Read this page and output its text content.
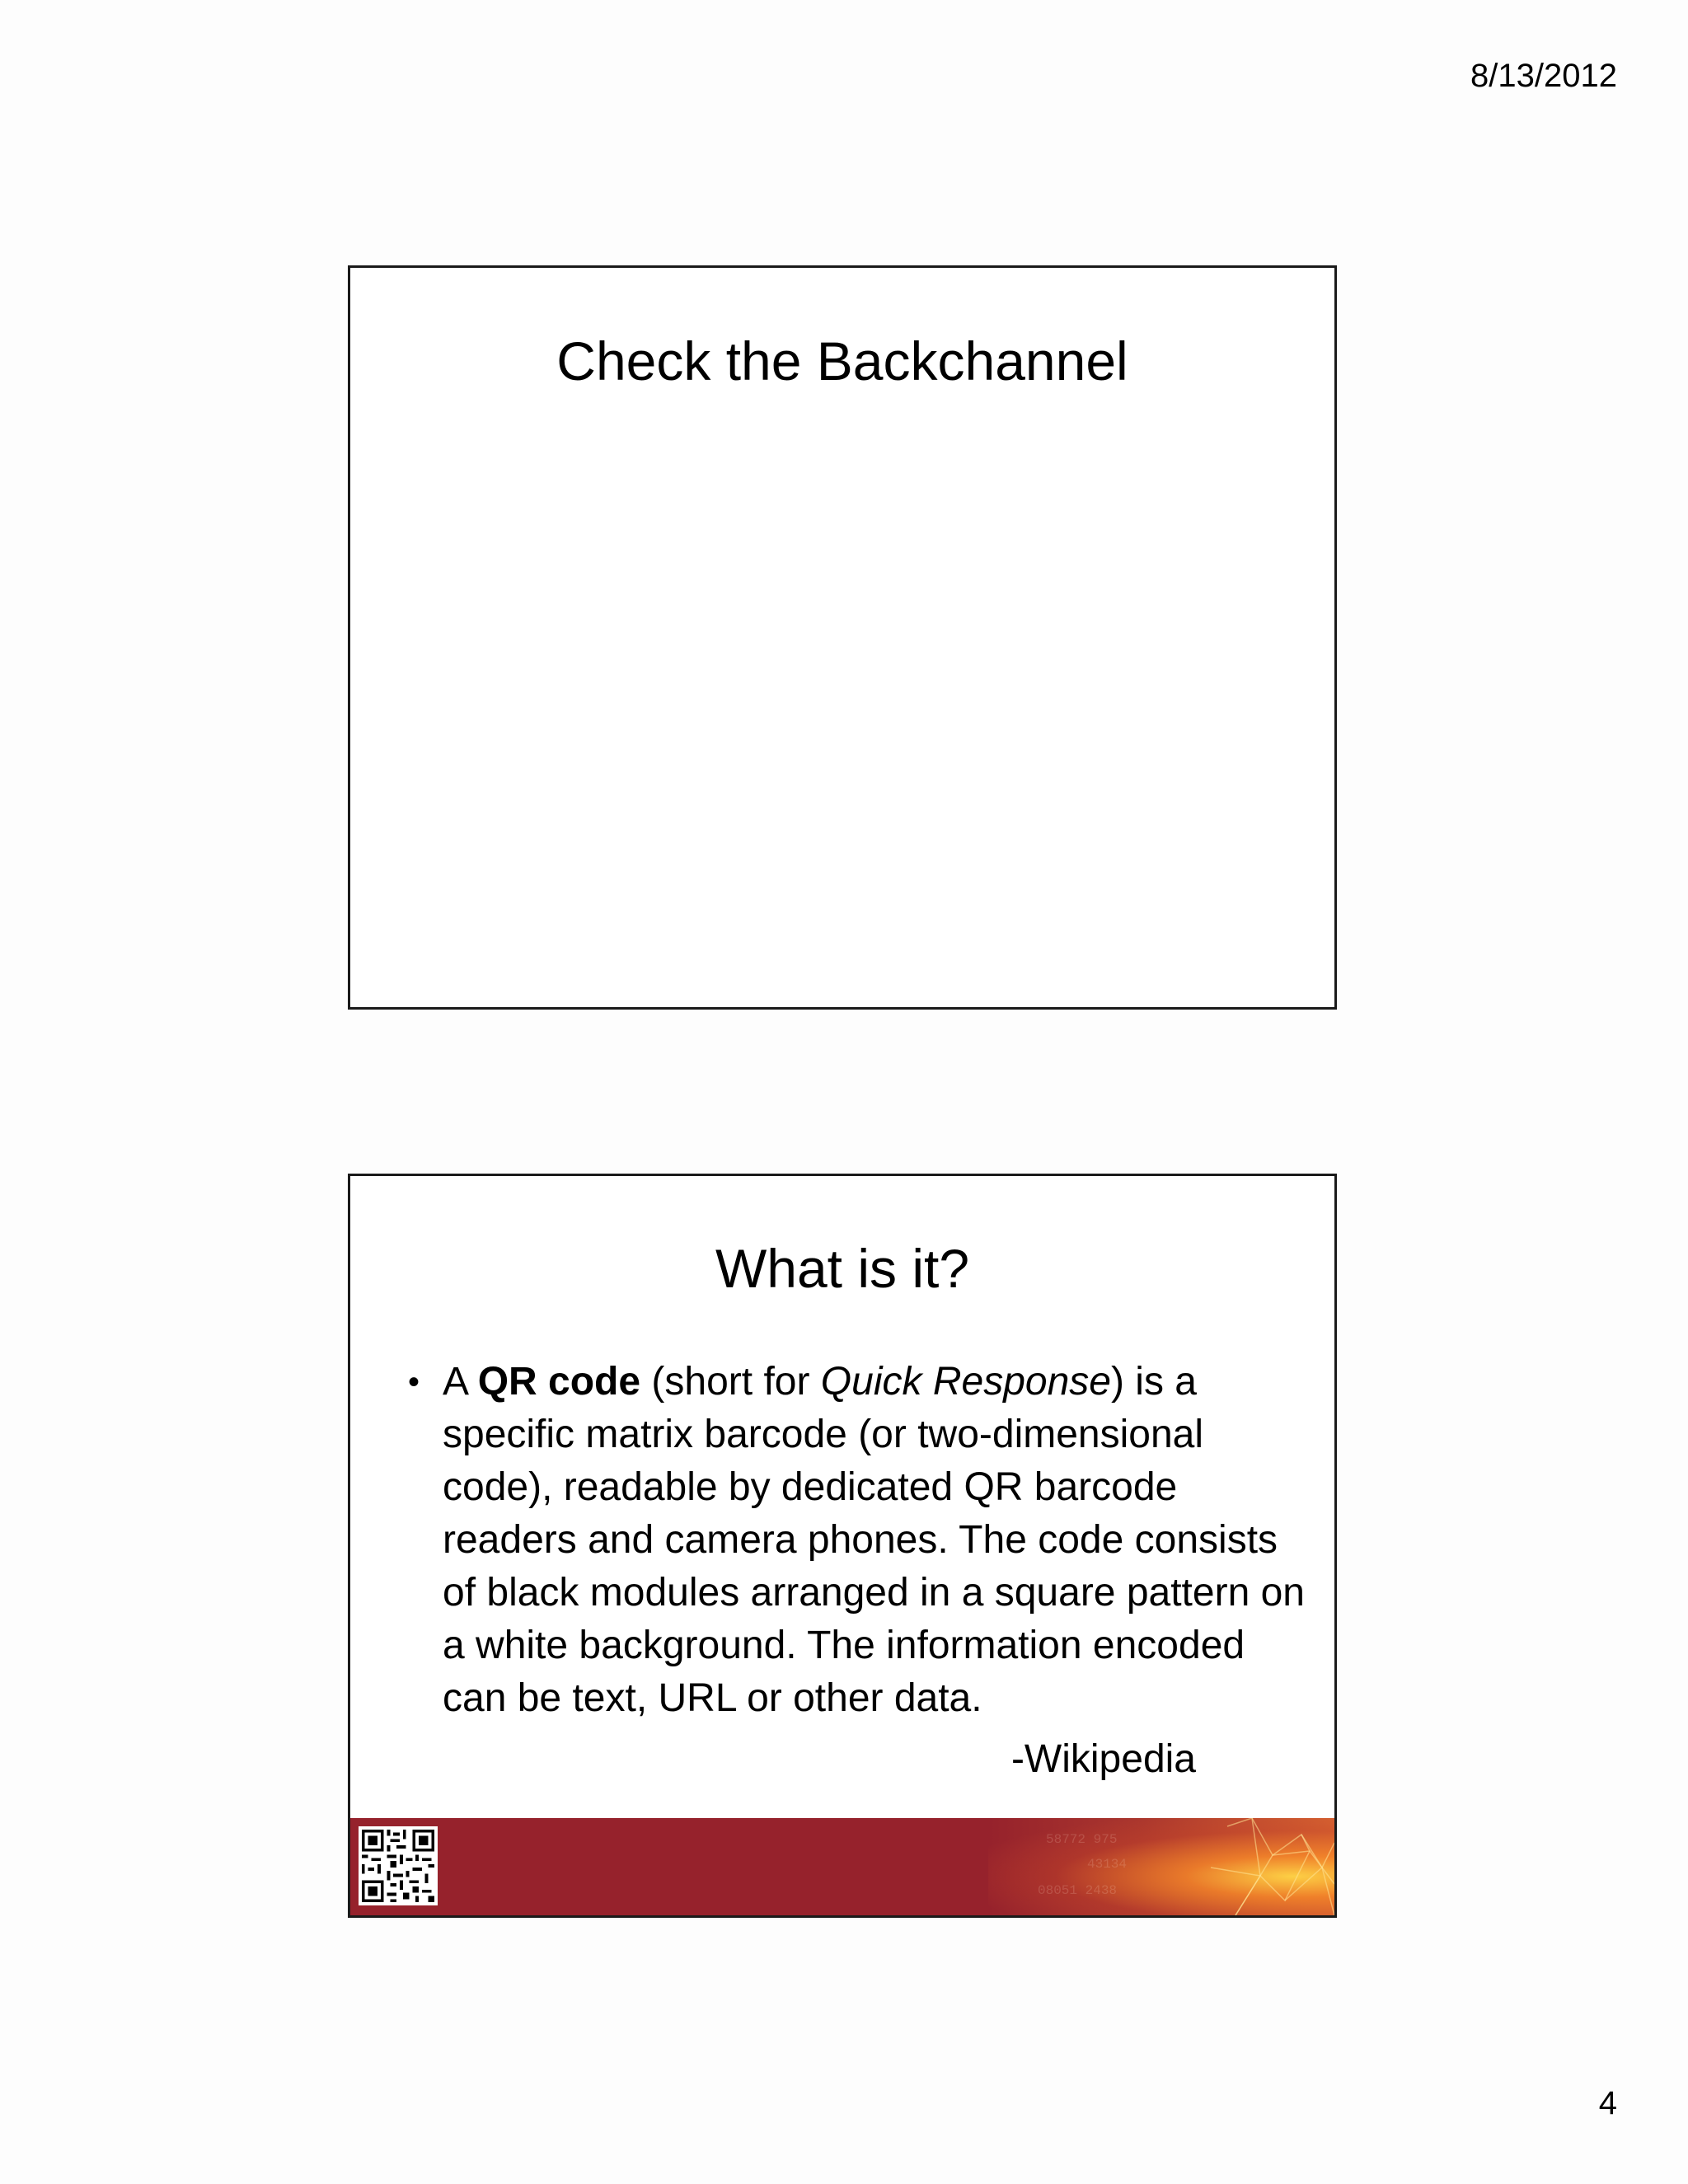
8/13/2012
Check the Backchannel
What is it?
• A QR code (short for Quick Response) is a specific matrix barcode (or two-dimensional code), readable by dedicated QR barcode readers and camera phones. The code consists of black modules arranged in a square pattern on a white background. The information encoded can be text, URL or other data.
-Wikipedia
58772 975
43134
08051 2438
4
